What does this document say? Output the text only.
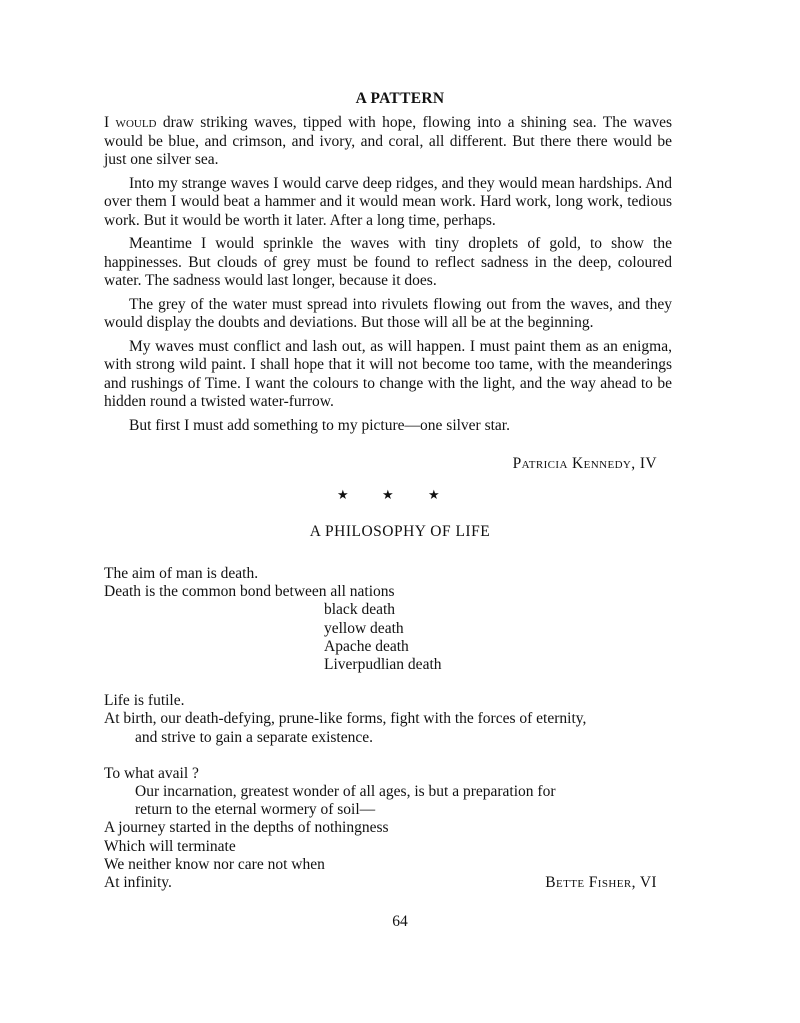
A PATTERN

I would draw striking waves, tipped with hope, flowing into a shining sea. The waves would be blue, and crimson, and ivory, and coral, all different. But there there would be just one silver sea.

Into my strange waves I would carve deep ridges, and they would mean hardships. And over them I would beat a hammer and it would mean work. Hard work, long work, tedious work. But it would be worth it later. After a long time, perhaps.

Meantime I would sprinkle the waves with tiny droplets of gold, to show the happinesses. But clouds of grey must be found to reflect sadness in the deep, coloured water. The sadness would last longer, because it does.

The grey of the water must spread into rivulets flowing out from the waves, and they would display the doubts and deviations. But those will all be at the beginning.

My waves must conflict and lash out, as will happen. I must paint them as an enigma, with strong wild paint. I shall hope that it will not become too tame, with the meanderings and rushings of Time. I want the colours to change with the light, and the way ahead to be hidden round a twisted water-furrow.

But first I must add something to my picture—one silver star.

Patricia Kennedy, IV
★	★	★
A PHILOSOPHY OF LIFE
The aim of man is death.
Death is the common bond between all nations
black death
yellow death
Apache death
Liverpudlian death
Life is futile.
At birth, our death-defying, prune-like forms, fight with the forces of eternity,
and strive to gain a separate existence.
To what avail ?
Our incarnation, greatest wonder of all ages, is but a preparation for
return to the eternal wormery of soil—
A journey started in the depths of nothingness
Which will terminate
We neither know nor care not when
At infinity.	Bette Fisher, VI
64
